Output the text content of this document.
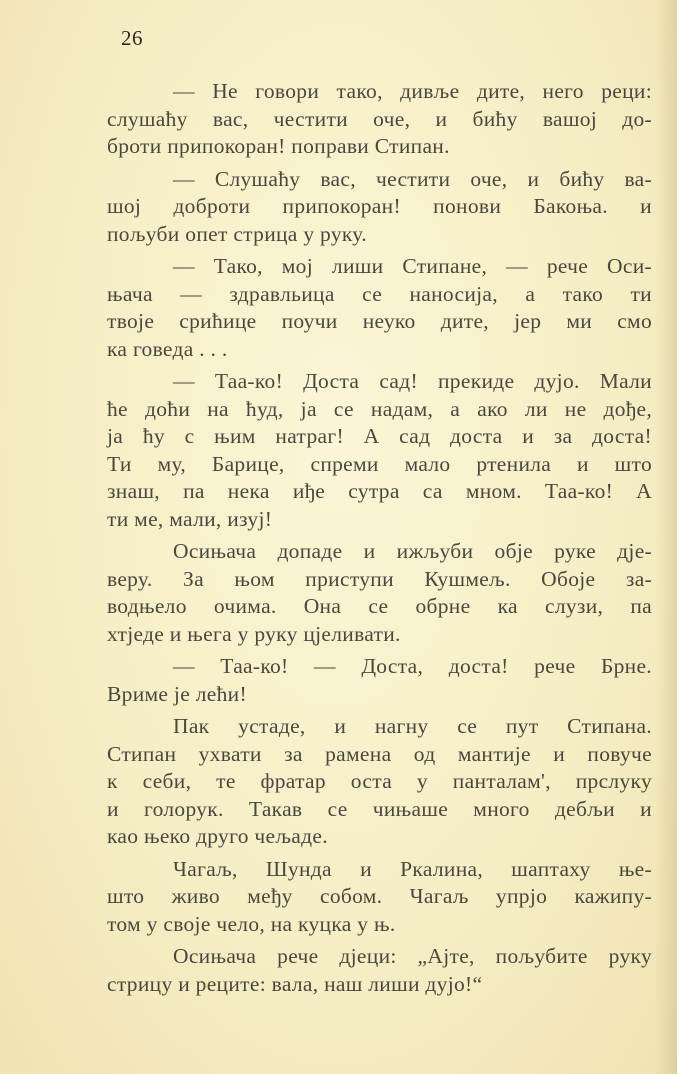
26
— Не говори тако, дивље дите, него реци:
слушаћу вас, честити оче, и бићу вашој до-
броти припокоран! поправи Стипан.
— Слушаћу вас, честити оче, и бићу ва-
шој доброти припокоран! понови Бакоња. и
пољуби опет стрица у руку.
— Тако, мој лиши Стипане, — рече Оси-
њача — здравльица се наносија, а тако ти
твоје срићице поучи неуко дите, јер ми смо
ка говеда . . .
— Таа-ко! Доста сад! прекиде дујо. Мали
ће доћи на ћуд, ја се надам, а ако ли не дође,
ја ћу с њим натраг! А сад доста и за доста!
Ти му, Барице, спреми мало ртенила и што
знаш, па нека иђе сутра са мном. Таа-ко! А
ти ме, мали, изуј!
Осињача допаде и ижљуби обје руке дје-
веру. За њом приступи Кушмељ. Обоје за-
водњело очима. Она се обрне ка слузи, па
хтједе и њега у руку цјеливати.
— Таа-ко! — Доста, доста! рече Брне.
Вриме је лећи!
Пак устаде, и нагну се пут Стипана.
Стипан ухвати за рамена од мантије и повуче
к себи, те фратар оста у панталам', прслуку
и голорук. Такав се чињаше много дебљи и
као њеко друго чељаде.
Чагаљ, Шунда и Ркалина, шаптаху ње-
што живо међу собом. Чагаљ упрјо кажипу-
том у своје чело, на куцка у њ.
Осињача рече дјеци: „Ајте, пољубите руку
стрицу и реците: вала, наш лиши дујо!“
